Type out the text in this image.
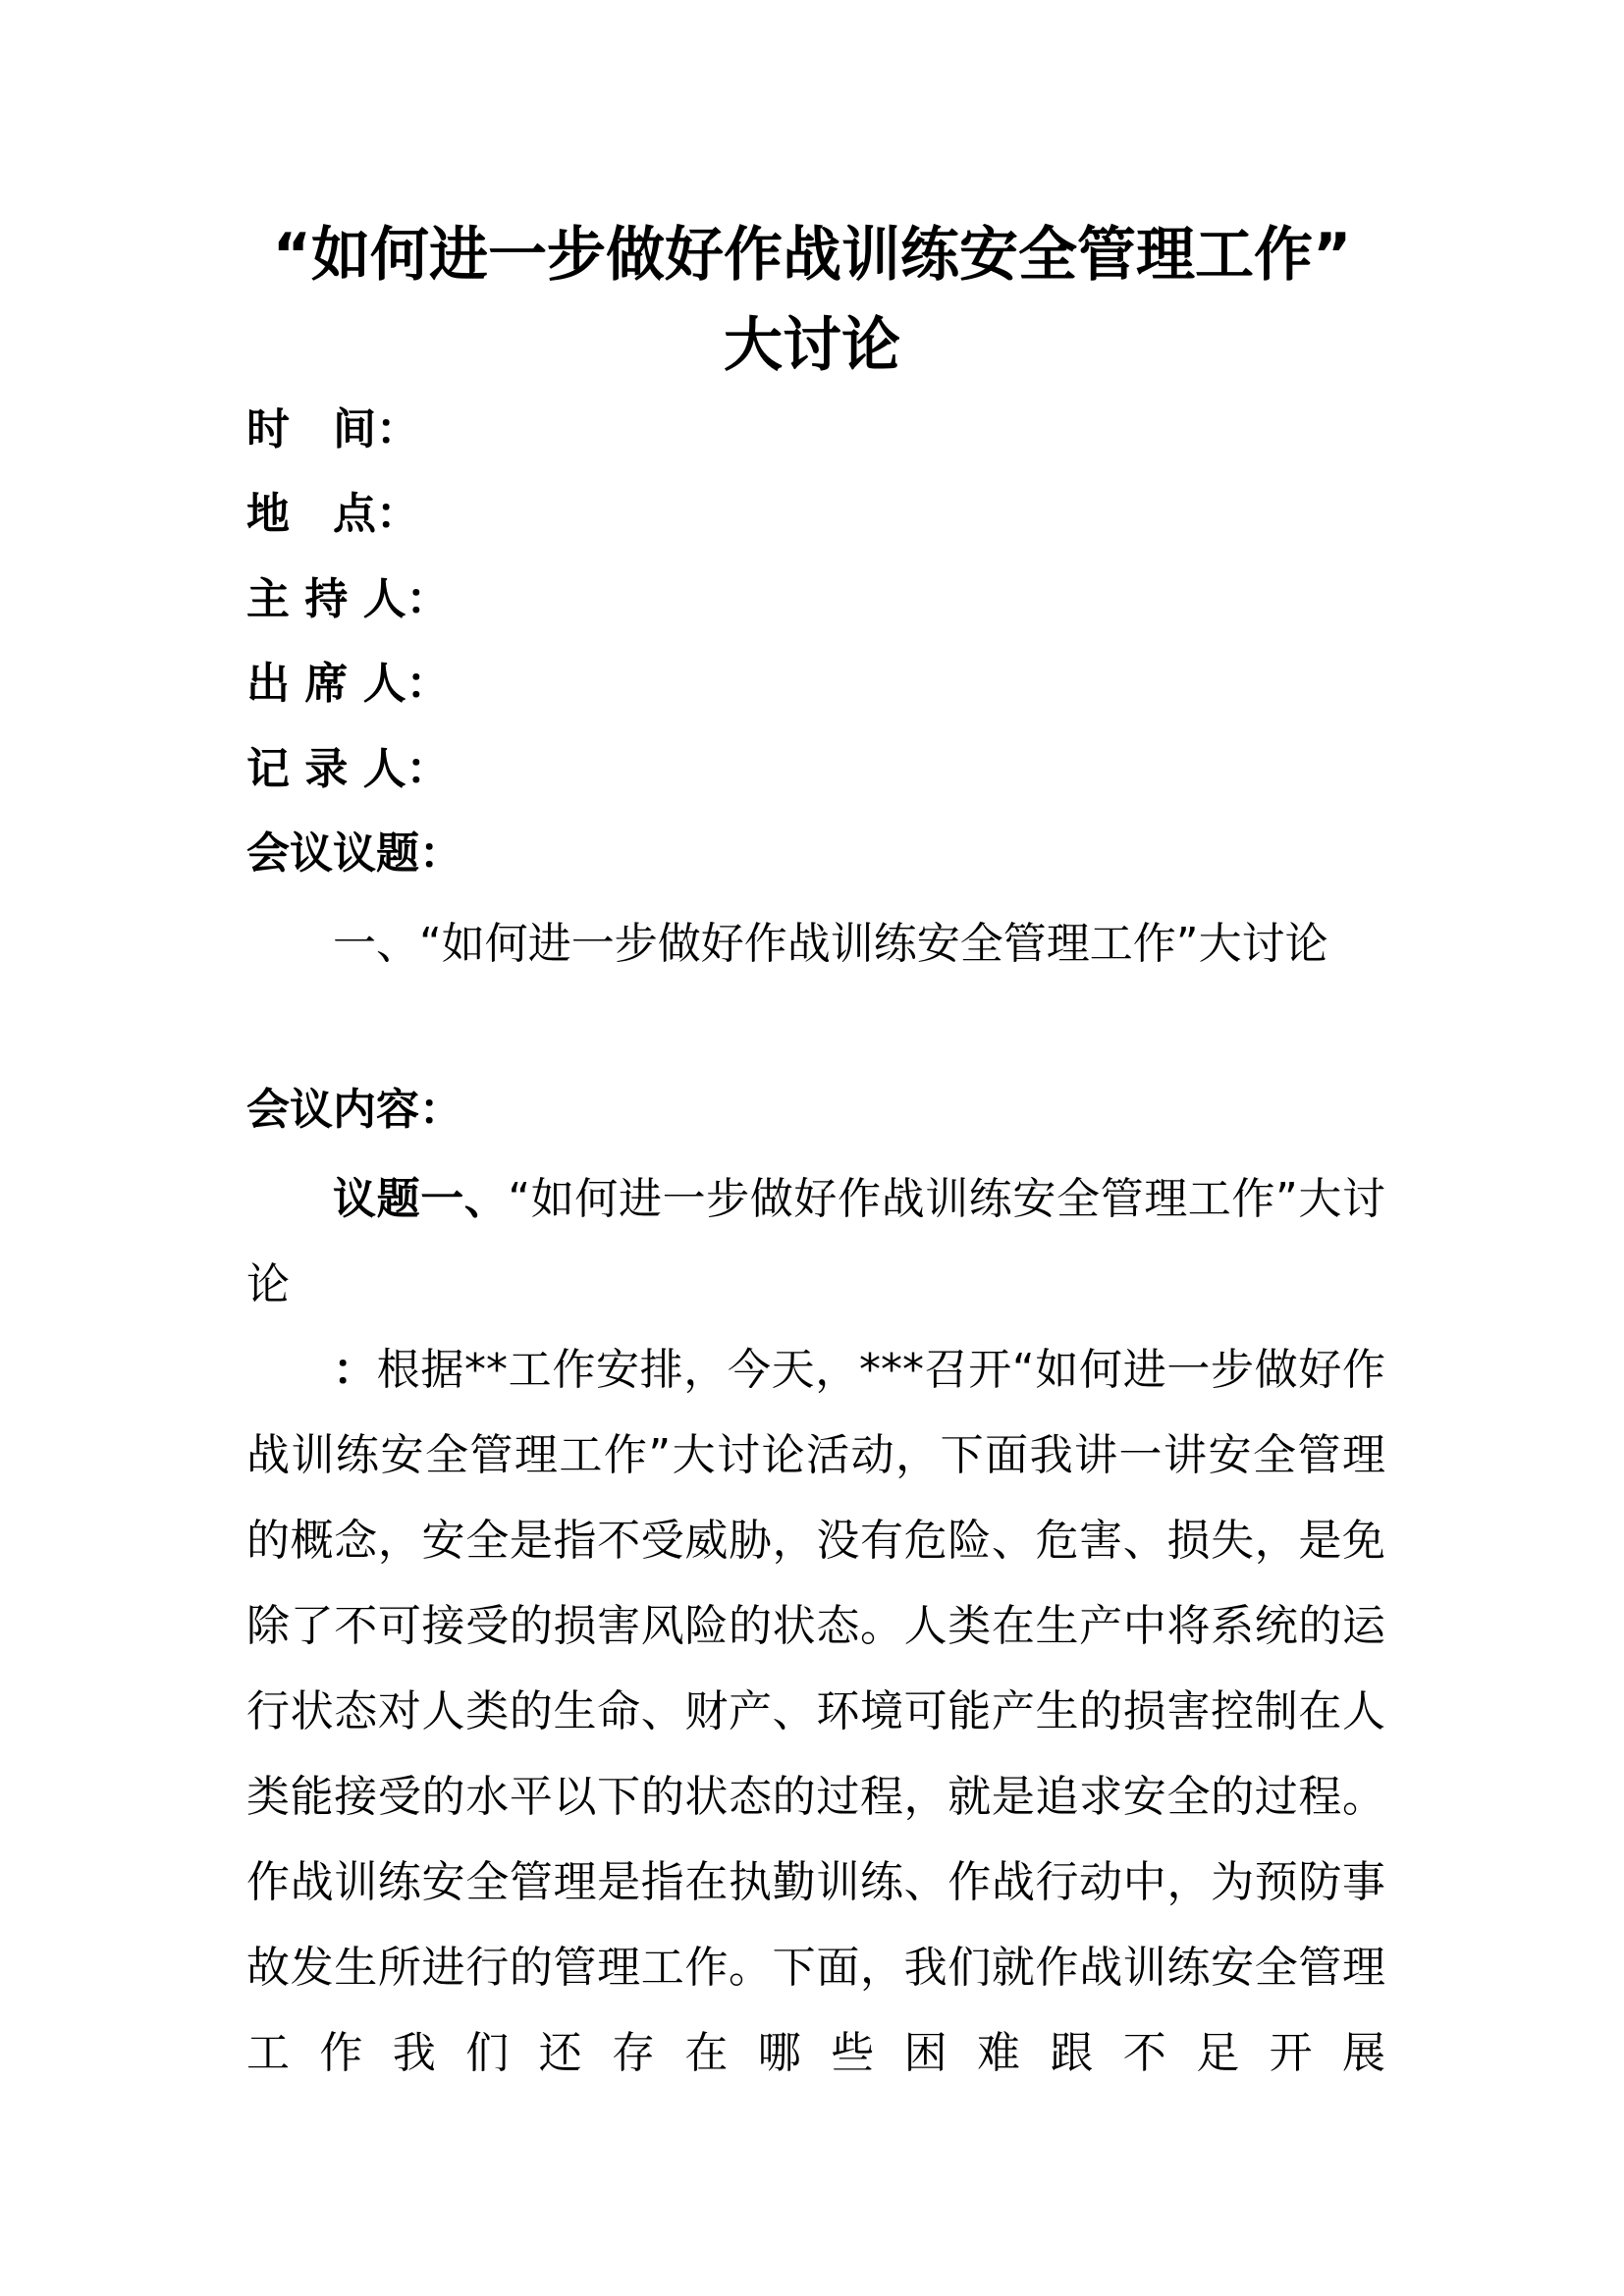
“如何进一步做好作战训练安全管理工作”
大讨论
时　间：
地　点：
主 持 人：
出 席 人：
记 录 人：
会议议题：
一、“如何进一步做好作战训练安全管理工作”大讨论
会议内容：
议题一、“如何进一步做好作战训练安全管理工作”大讨论
：根据**工作安排，今天，***召开“如何进一步做好作战训练安全管理工作”大讨论活动，下面我讲一讲安全管理的概念，安全是指不受威胁，没有危险、危害、损失，是免除了不可接受的损害风险的状态。人类在生产中将系统的运行状态对人类的生命、财产、环境可能产生的损害控制在人类能接受的水平以下的状态的过程，就是追求安全的过程。作战训练安全管理是指在执勤训练、作战行动中，为预防事故发生所进行的管理工作。下面，我们就作战训练安全管理工作我们还存在哪些困难跟不足开展
